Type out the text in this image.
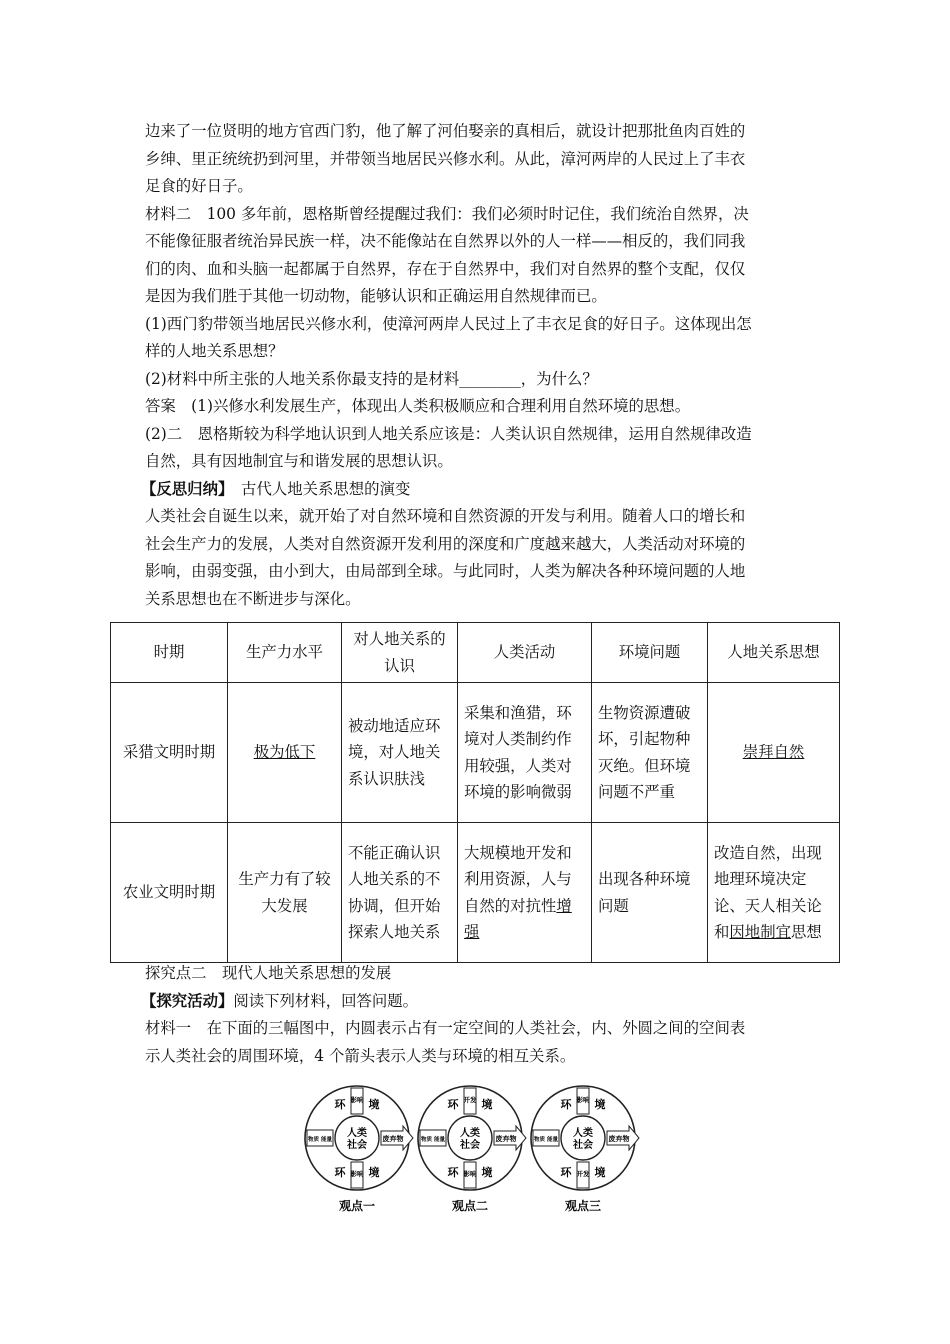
边来了一位贤明的地方官西门豹，他了解了河伯娶亲的真相后，就设计把那批鱼肉百姓的

乡绅、里正统统扔到河里，并带领当地居民兴修水利。从此，漳河两岸的人民过上了丰衣

足食的好日子。

材料二　100 多年前，恩格斯曾经提醒过我们：我们必须时时记住，我们统治自然界，决

不能像征服者统治异民族一样，决不能像站在自然界以外的人一样——相反的，我们同我

们的肉、血和头脑一起都属于自然界，存在于自然界中，我们对自然界的整个支配，仅仅

是因为我们胜于其他一切动物，能够认识和正确运用自然规律而已。

(1)西门豹带领当地居民兴修水利，使漳河两岸人民过上了丰衣足食的好日子。这体现出怎

样的人地关系思想？

(2)材料中所主张的人地关系你最支持的是材料________，为什么？

答案　(1)兴修水利发展生产，体现出人类积极顺应和合理利用自然环境的思想。

(2)二　恩格斯较为科学地认识到人地关系应该是：人类认识自然规律，运用自然规律改造

自然，具有因地制宜与和谐发展的思想认识。

【反思归纳】　古代人地关系思想的演变

人类社会自诞生以来，就开始了对自然环境和自然资源的开发与利用。随着人口的增长和

社会生产力的发展，人类对自然资源开发利用的深度和广度越来越大，人类活动对环境的

影响，由弱变强，由小到大，由局部到全球。与此同时，人类为解决各种环境问题的人地

关系思想也在不断进步与深化。

时期	生产力水平	对人地关系的认识	人类活动	环境问题	人地关系思想
采猎文明时期	极为低下	被动地适应环境，对人地关系认识肤浅	采集和渔猎，环境对人类制约作用较强，人类对环境的影响微弱	生物资源遭破坏，引起物种灭绝。但环境问题不严重	崇拜自然
农业文明时期	生产力有了较大发展	不能正确认识人地关系的不协调，但开始探索人地关系	大规模地开发和利用资源，人与自然的对抗性增强	出现各种环境问题	改造自然，出现地理环境决定论、天人相关论和因地制宜思想

探究点二　现代人地关系思想的发展

【探究活动】阅读下列材料，回答问题。

材料一　在下面的三幅图中，内圆表示占有一定空间的人类社会，内、外圆之间的空间表

示人类社会的周围环境，4 个箭头表示人类与环境的相互关系。

人类
社会
环 境
环 境
物质 能量	废弃物
影响
影响
观点一
人类
社会
环 境
环 境
物质 能量	废弃物
开发
影响
观点二
人类
社会
环 境
环 境
物质 能量	废弃物
影响
开发
观点三
